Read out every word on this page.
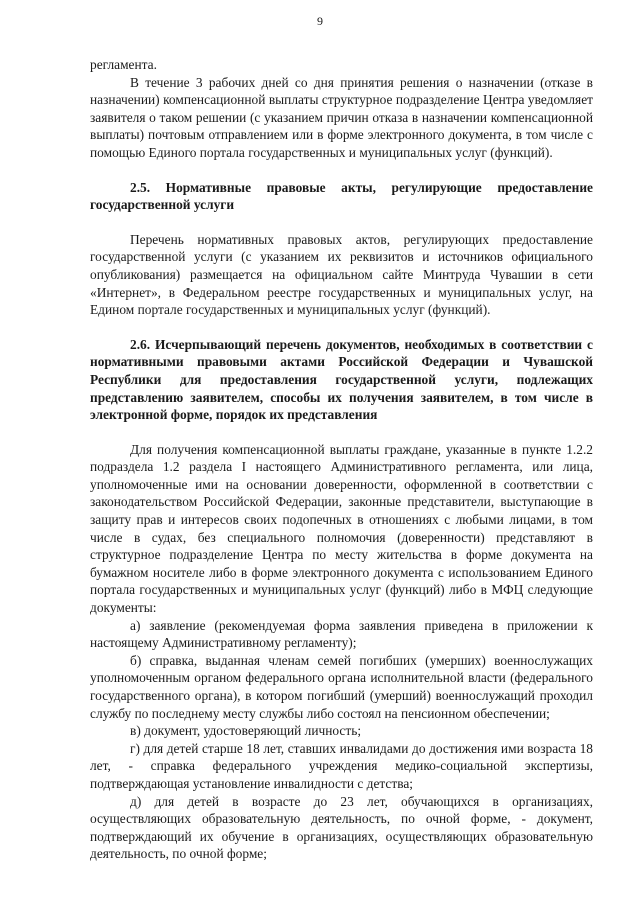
9

регламента.

В течение 3 рабочих дней со дня принятия решения о назначении (отказе в назначении) компенсационной выплаты структурное подразделение Центра уведомляет заявителя о таком решении (с указанием причин отказа в назначении компенсационной выплаты) почтовым отправлением или в форме электронного документа, в том числе с помощью Единого портала государственных и муниципальных услуг (функций).

2.5. Нормативные правовые акты, регулирующие предоставление государственной услуги

Перечень нормативных правовых актов, регулирующих предоставление государственной услуги (с указанием их реквизитов и источников официального опубликования) размещается на официальном сайте Минтруда Чувашии в сети «Интернет», в Федеральном реестре государственных и муниципальных услуг, на Едином портале государственных и муниципальных услуг (функций).

2.6. Исчерпывающий перечень документов, необходимых в соответствии с нормативными правовыми актами Российской Федерации и Чувашской Республики для предоставления государственной услуги, подлежащих представлению заявителем, способы их получения заявителем, в том числе в электронной форме, порядок их представления

Для получения компенсационной выплаты граждане, указанные в пункте 1.2.2 подраздела 1.2 раздела I настоящего Административного регламента, или лица, уполномоченные ими на основании доверенности, оформленной в соответствии с законодательством Российской Федерации, законные представители, выступающие в защиту прав и интересов своих подопечных в отношениях с любыми лицами, в том числе в судах, без специального полномочия (доверенности) представляют в структурное подразделение Центра по месту жительства в форме документа на бумажном носителе либо в форме электронного документа с использованием Единого портала государственных и муниципальных услуг (функций) либо в МФЦ следующие документы:

а) заявление (рекомендуемая форма заявления приведена в приложении к настоящему Административному регламенту);

б) справка, выданная членам семей погибших (умерших) военнослужащих уполномоченным органом федерального органа исполнительной власти (федерального государственного органа), в котором погибший (умерший) военнослужащий проходил службу по последнему месту службы либо состоял на пенсионном обеспечении;

в) документ, удостоверяющий личность;

г) для детей старше 18 лет, ставших инвалидами до достижения ими возраста 18 лет, - справка федерального учреждения медико-социальной экспертизы, подтверждающая установление инвалидности с детства;

д) для детей в возрасте до 23 лет, обучающихся в организациях, осуществляющих образовательную деятельность, по очной форме, - документ, подтверждающий их обучение в организациях, осуществляющих образовательную деятельность, по очной форме;
